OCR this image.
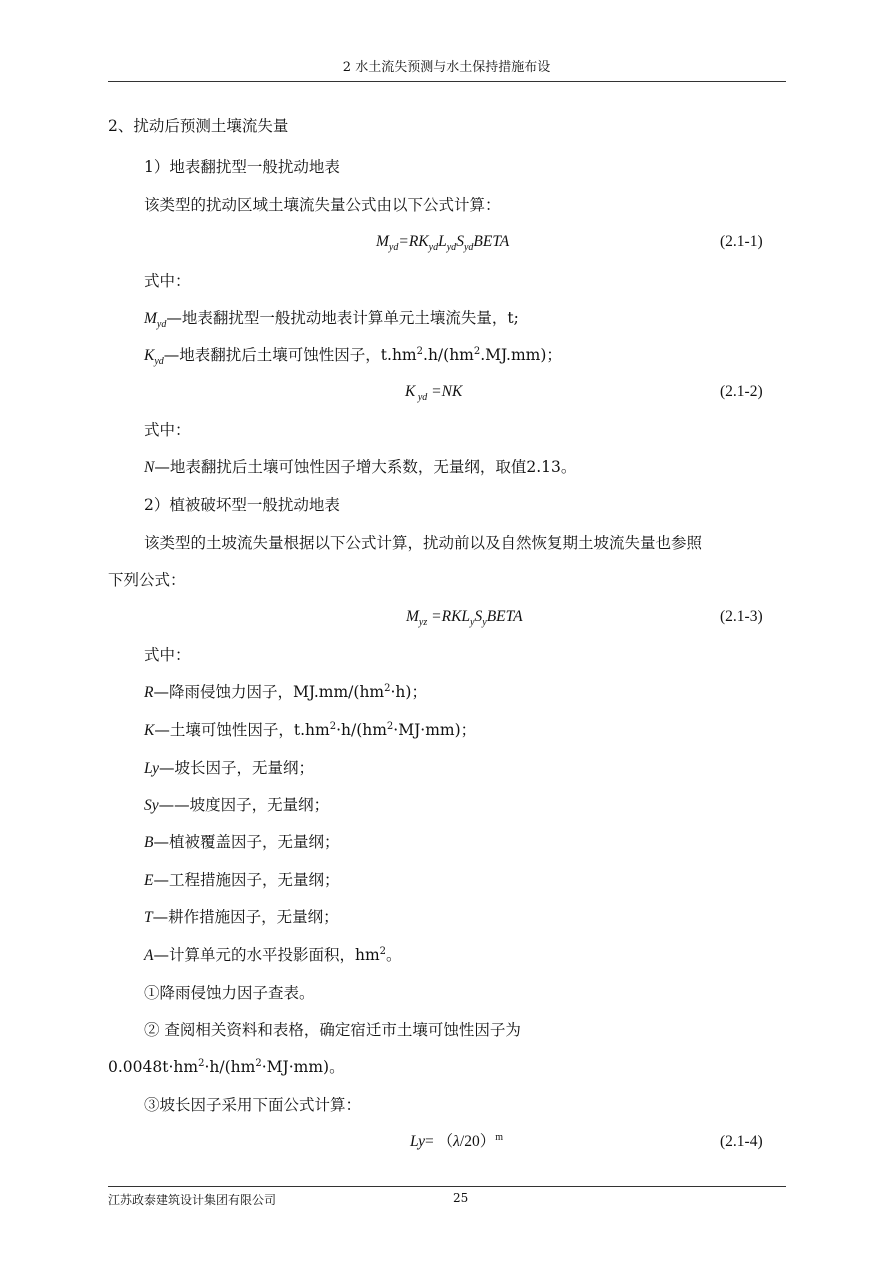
2 水土流失预测与水土保持措施布设
2、扰动后预测土壤流失量
1）地表翻扰型一般扰动地表
该类型的扰动区域土壤流失量公式由以下公式计算：
$M_{yd}=RK_{yd}L_{yd}S_{yd}BETA$	(2.1-1)
式中：
$M_{yd}—$地表翻扰型一般扰动地表计算单元土壤流失量，t;
$K_{yd}—$地表翻扰后土壤可蚀性因子，$t.hm^2.h/(hm^2.MJ.mm)$；
K $_{yd}$ =NK	(2.1-2)
式中：
N—地表翻扰后土壤可蚀性因子增大系数，无量纲，取值2.13。
2）植被破坏型一般扰动地表
该类型的土坡流失量根据以下公式计算，扰动前以及自然恢复期土坡流失量也参照
下列公式：
$M_{yz}$ $=RKL_yS_yBETA$	(2.1-3)
式中：
R—降雨侵蚀力因子，$MJ.mm/(hm^2\cdot h)$；
K—土壤可蚀性因子，$t.hm^2\cdot h/(hm^2\cdot MJ\cdot mm)$；
Ly—坡长因子，无量纲；
Sy——坡度因子，无量纲；
B—植被覆盖因子，无量纲；
E—工程措施因子，无量纲；
T—耕作措施因子，无量纲；
A—计算单元的水平投影面积，$hm^2$。
①降雨侵蚀力因子查表。
② 查阅相关资料和表格，确定宿迁市土壤可蚀性因子为
$0.0048t\cdot hm^2\cdot h/(hm^2\cdot MJ\cdot mm)$。
③坡长因子采用下面公式计算：
$Ly= (\lambda/20)^m$	(2.1-4)
江苏政泰建筑设计集团有限公司	25
